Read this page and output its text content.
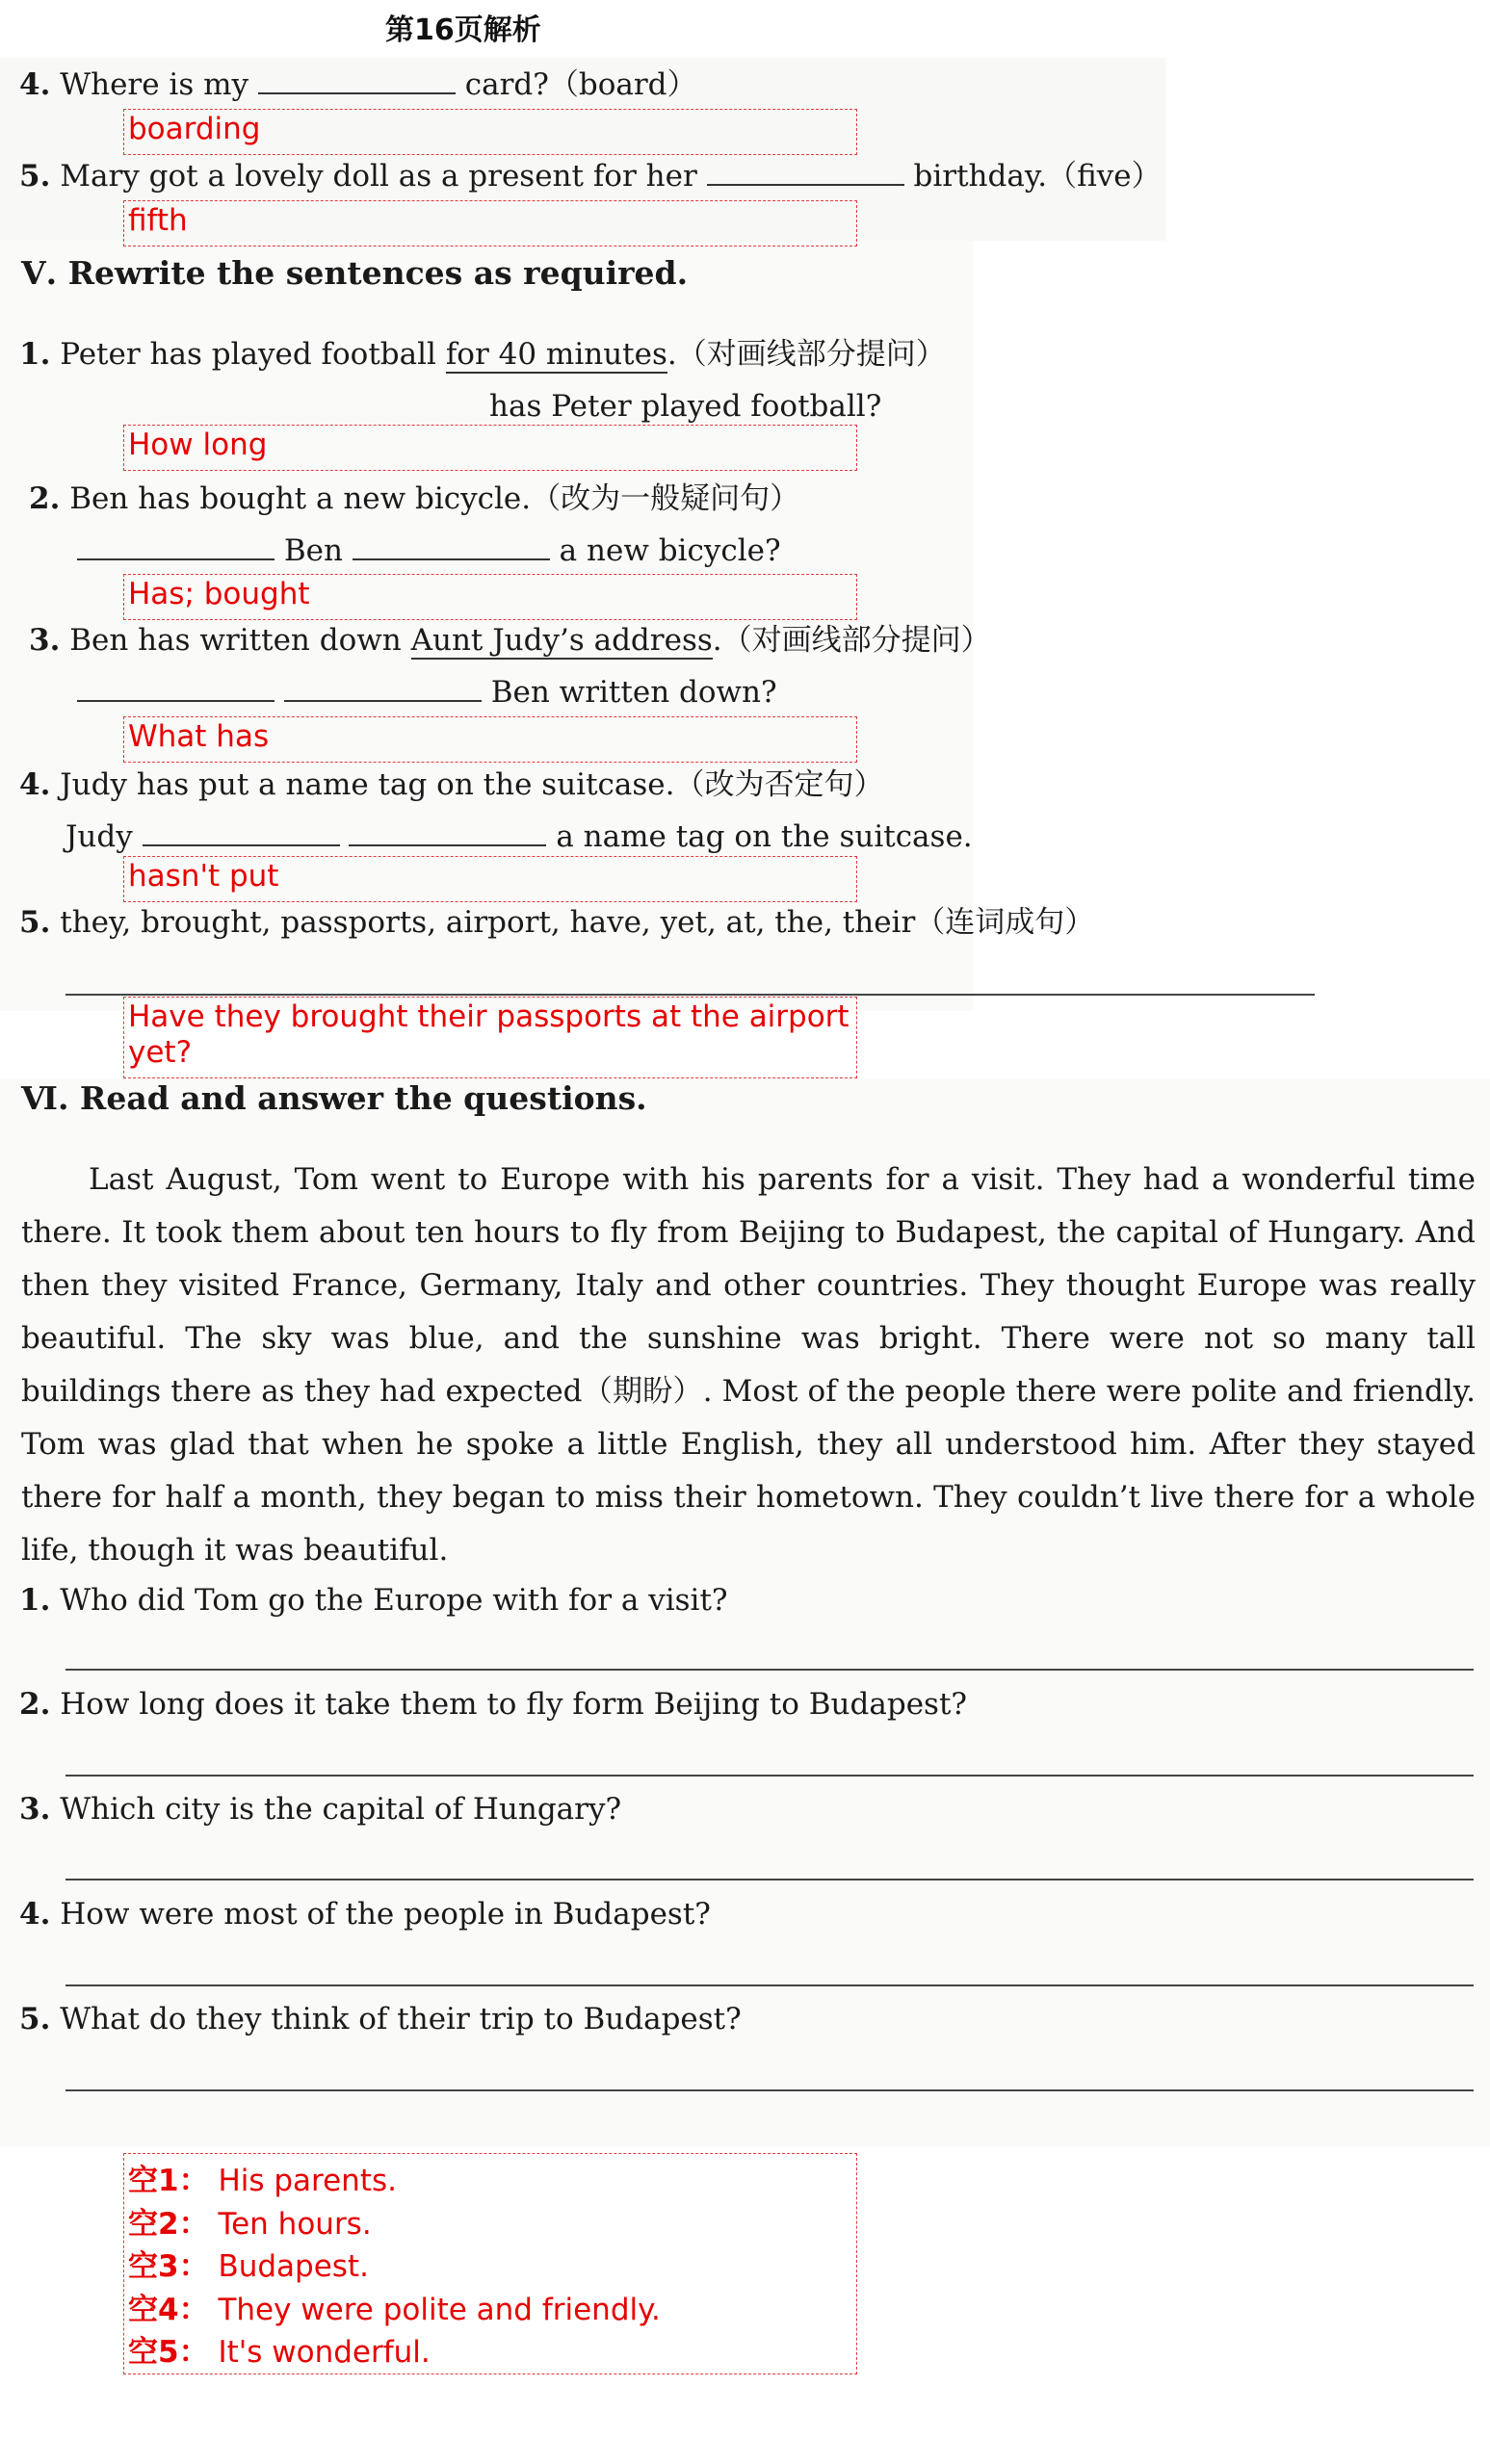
第16页解析
4. Where is my	card?（board）
boarding
5. Mary got a lovely doll as a present for her	birthday.（five）
fifth
Ⅴ. Rewrite the sentences as required.
1. Peter has played football for 40 minutes.（对画线部分提问）
has Peter played football?
How long
2. Ben has bought a new bicycle.（改为一般疑问句）
Ben	a new bicycle?
Has; bought
3. Ben has written down Aunt Judy’s address.（对画线部分提问）
Ben written down?
What has
4. Judy has put a name tag on the suitcase.（改为否定句）
Judy	a name tag on the suitcase.
hasn't put
5. they, brought, passports, airport, have, yet, at, the, their（连词成句）
Have they brought their passports at the airport yet?
Ⅵ. Read and answer the questions.
Last August, Tom went to Europe with his parents for a visit. They had a wonderful time there. It took them about ten hours to fly from Beijing to Budapest, the capital of Hungary. And then they visited France, Germany, Italy and other countries. They thought Europe was really beautiful. The sky was blue, and the sunshine was bright. There were not so many tall buildings there as they had expected（期盼）. Most of the people there were polite and friendly. Tom was glad that when he spoke a little English, they all understood him. After they stayed there for half a month, they began to miss their hometown. They couldn’t live there for a whole life, though it was beautiful.
1. Who did Tom go the Europe with for a visit?
2. How long does it take them to fly form Beijing to Budapest?
3. Which city is the capital of Hungary?
4. How were most of the people in Budapest?
5. What do they think of their trip to Budapest?
空1： His parents.
空2： Ten hours.
空3： Budapest.
空4： They were polite and friendly.
空5： It's wonderful.
